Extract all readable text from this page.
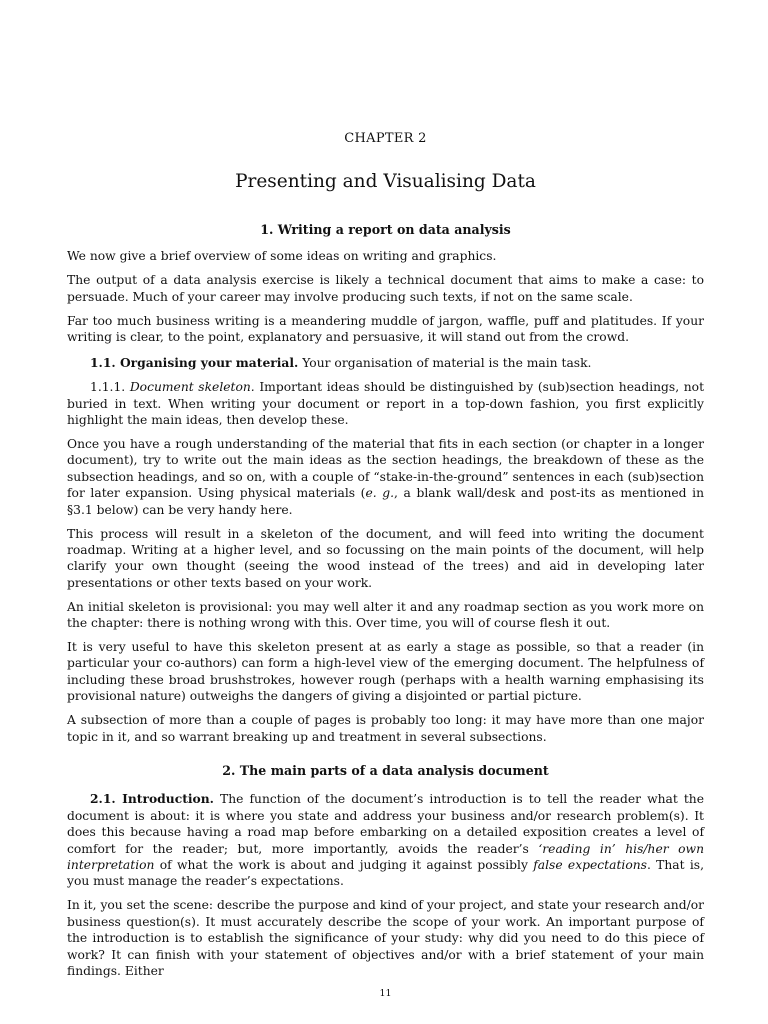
CHAPTER 2
Presenting and Visualising Data
1. Writing a report on data analysis

We now give a brief overview of some ideas on writing and graphics.

The output of a data analysis exercise is likely a technical document that aims to make a case: to persuade. Much of your career may involve producing such texts, if not on the same scale.

Far too much business writing is a meandering muddle of jargon, waffle, puff and platitudes. If your writing is clear, to the point, explanatory and persuasive, it will stand out from the crowd.

1.1. Organising your material. Your organisation of material is the main task.

1.1.1. Document skeleton. Important ideas should be distinguished by (sub)section headings, not buried in text. When writing your document or report in a top-down fashion, you first explicitly highlight the main ideas, then develop these.

Once you have a rough understanding of the material that fits in each section (or chapter in a longer document), try to write out the main ideas as the section headings, the breakdown of these as the subsection headings, and so on, with a couple of “stake-in-the-ground” sentences in each (sub)section for later expansion. Using physical materials (e. g., a blank wall/desk and post-its as mentioned in §3.1 below) can be very handy here.

This process will result in a skeleton of the document, and will feed into writing the document roadmap. Writing at a higher level, and so focussing on the main points of the document, will help clarify your own thought (seeing the wood instead of the trees) and aid in developing later presentations or other texts based on your work.

An initial skeleton is provisional: you may well alter it and any roadmap section as you work more on the chapter: there is nothing wrong with this. Over time, you will of course flesh it out.

It is very useful to have this skeleton present at as early a stage as possible, so that a reader (in particular your co-authors) can form a high-level view of the emerging document. The helpfulness of including these broad brushstrokes, however rough (perhaps with a health warning emphasising its provisional nature) outweighs the dangers of giving a disjointed or partial picture.

A subsection of more than a couple of pages is probably too long: it may have more than one major topic in it, and so warrant breaking up and treatment in several subsections.

2. The main parts of a data analysis document

2.1. Introduction. The function of the document’s introduction is to tell the reader what the document is about: it is where you state and address your business and/or research problem(s). It does this because having a road map before embarking on a detailed exposition creates a level of comfort for the reader; but, more importantly, avoids the reader’s ‘reading in’ his/her own interpretation of what the work is about and judging it against possibly false expectations. That is, you must manage the reader’s expectations.

In it, you set the scene: describe the purpose and kind of your project, and state your research and/or business question(s). It must accurately describe the scope of your work. An important purpose of the introduction is to establish the significance of your study: why did you need to do this piece of work? It can finish with your statement of objectives and/or with a brief statement of your main findings. Either

11
